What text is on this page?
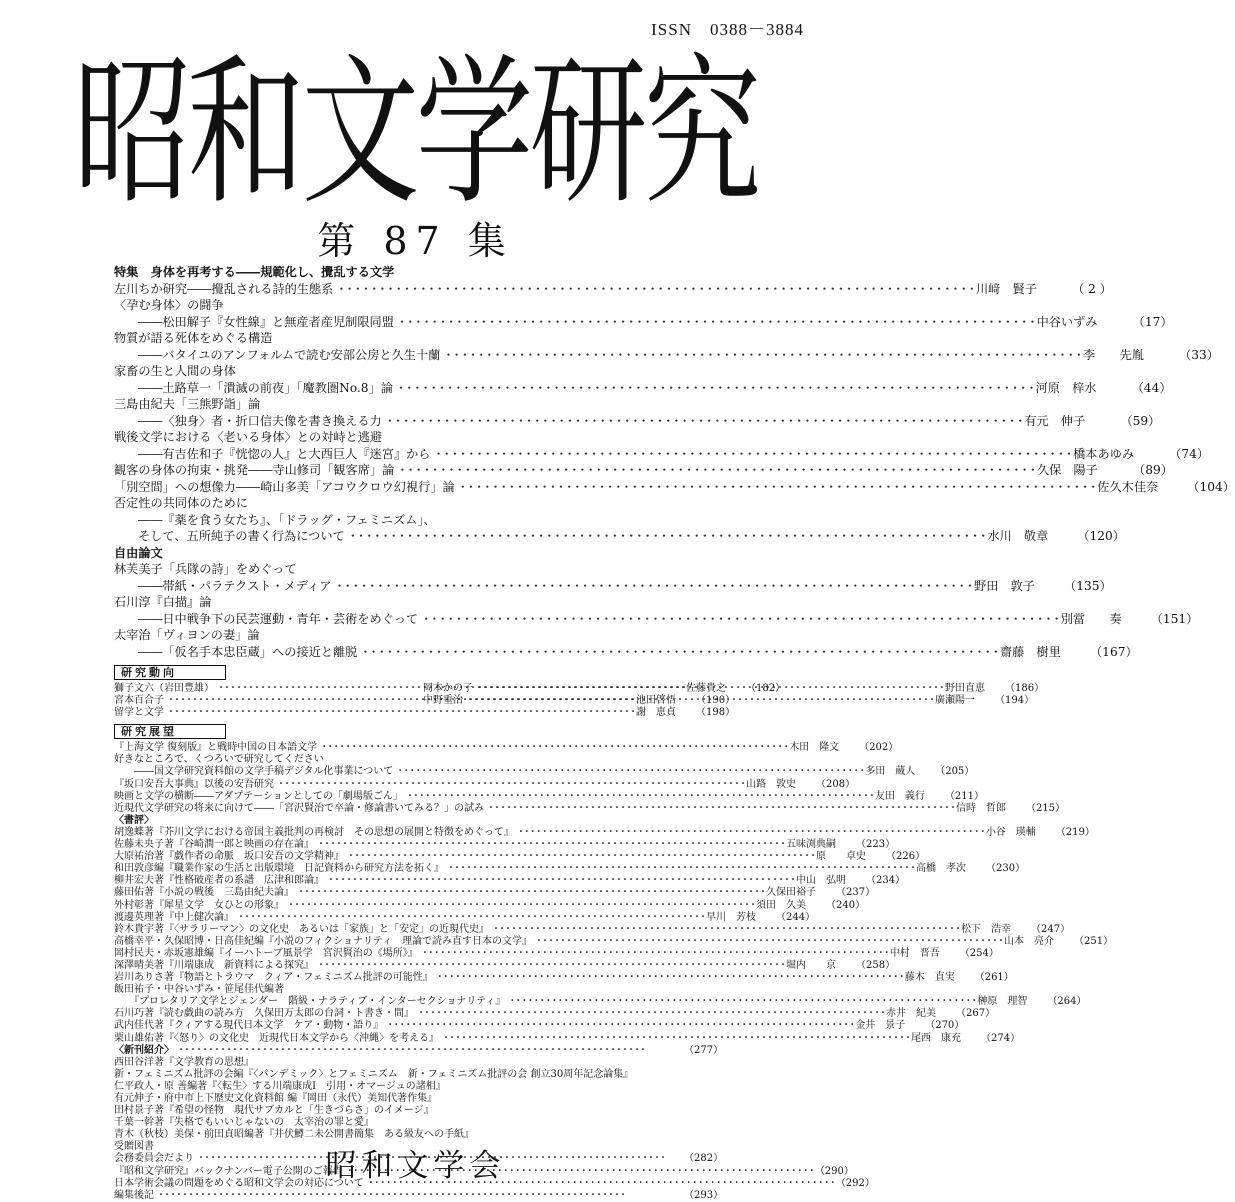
ISSN　0388－3884
昭和文学研究
第 87 集
特集　身体を再考する――規範化し、攪乱する文学
左川ちか研究――攪乱される詩的生態系 ・・・・・・・・・・・・・・・・・・・・・・・・・・・・・・・・・・・・・・・・・・・・・・・・・・・・・・・・・・・・・・・・・・・・・・・・・・・・・・	川﨑　賢子	（ 2 ）
〈孕む身体〉の闘争
――松田解子『女性線』と無産者産児制限同盟 ・・・・・・・・・・・・・・・・・・・・・・・・・・・・・・・・・・・・・・・・・・・・・・・・・・・・・・・・・・・・・・・・・・・・・・・・・・・・・・	中谷いずみ	（17）
物質が語る死体をめぐる構造
――バタイユのアンフォルムで読む安部公房と久生十蘭 ・・・・・・・・・・・・・・・・・・・・・・・・・・・・・・・・・・・・・・・・・・・・・・・・・・・・・・・・・・・・・・・・・・・・・・・・・・・・・・	李　　先胤	（33）
家畜の生と人間の身体
――土路草一「潰滅の前夜」「魔教圏No.8」論 ・・・・・・・・・・・・・・・・・・・・・・・・・・・・・・・・・・・・・・・・・・・・・・・・・・・・・・・・・・・・・・・・・・・・・・・・・・・・・・	河原　梓水	（44）
三島由紀夫「三熊野詣」論
――〈独身〉者・折口信夫像を書き換える力 ・・・・・・・・・・・・・・・・・・・・・・・・・・・・・・・・・・・・・・・・・・・・・・・・・・・・・・・・・・・・・・・・・・・・・・・・・・・・・・	有元　伸子	（59）
戦後文学における〈老いる身体〉との対峙と逃避
――有吉佐和子『恍惚の人』と大西巨人『迷宮』から ・・・・・・・・・・・・・・・・・・・・・・・・・・・・・・・・・・・・・・・・・・・・・・・・・・・・・・・・・・・・・・・・・・・・・・・・・・・・・・	橋本あゆみ	（74）
観客の身体の拘束・挑発――寺山修司「観客席」論 ・・・・・・・・・・・・・・・・・・・・・・・・・・・・・・・・・・・・・・・・・・・・・・・・・・・・・・・・・・・・・・・・・・・・・・・・・・・・・・	久保　陽子	（89）
「別空間」への想像力――崎山多美「アコウクロウ幻視行」論 ・・・・・・・・・・・・・・・・・・・・・・・・・・・・・・・・・・・・・・・・・・・・・・・・・・・・・・・・・・・・・・・・・・・・・・・・・・・・・・	佐久木佳奈	（104）
否定性の共同体のために
――『薬を食う女たち』、「ドラッグ・フェミニズム」、
そして、五所純子の書く行為について ・・・・・・・・・・・・・・・・・・・・・・・・・・・・・・・・・・・・・・・・・・・・・・・・・・・・・・・・・・・・・・・・・・・・・・・・・・・・・・	水川　敬章	（120）
自由論文
林芙美子「兵隊の詩」をめぐって
――帯紙・パラテクスト・メディア ・・・・・・・・・・・・・・・・・・・・・・・・・・・・・・・・・・・・・・・・・・・・・・・・・・・・・・・・・・・・・・・・・・・・・・・・・・・・・・	野田　敦子	（135）
石川淳『白描』論
――日中戦争下の民芸運動・青年・芸術をめぐって ・・・・・・・・・・・・・・・・・・・・・・・・・・・・・・・・・・・・・・・・・・・・・・・・・・・・・・・・・・・・・・・・・・・・・・・・・・・・・・	別當　　奏	（151）
太宰治「ヴィヨンの妻」論
――「仮名手本忠臣蔵」への接近と離脱 ・・・・・・・・・・・・・・・・・・・・・・・・・・・・・・・・・・・・・・・・・・・・・・・・・・・・・・・・・・・・・・・・・・・・・・・・・・・・・・	齋藤　樹里	（167）
研究動向
獅子文六（岩田豊雄） ・・・・・・・・・・・・・・・・・・・・・・・・・・・・・・・・・・・・・・・・・・・・・・・・・・・・・・・・・・・・・・・・・・・・・・・・・・・・・・	佐藤貴之	（182）
宮本百合子 ・・・・・・・・・・・・・・・・・・・・・・・・・・・・・・・・・・・・・・・・・・・・・・・・・・・・・・・・・・・・・・・・・・・・・・・・・・・・・・	池田啓悟	（190）
留学と文学 ・・・・・・・・・・・・・・・・・・・・・・・・・・・・・・・・・・・・・・・・・・・・・・・・・・・・・・・・・・・・・・・・・・・・・・・・・・・・・・	謝　恵貞	（198）
岡本かの子 ・・・・・・・・・・・・・・・・・・・・・・・・・・・・・・・・・・・・・・・・・・・・・・・・・・・・・・・・・・・・・・・・・・・・・・・・・・・・・・	野田直恵	（186）
中野重治 ・・・・・・・・・・・・・・・・・・・・・・・・・・・・・・・・・・・・・・・・・・・・・・・・・・・・・・・・・・・・・・・・・・・・・・・・・・・・・・	廣瀬陽一	（194）
研究展望
『上海文学 復刻版』と戦時中国の日本語文学 ・・・・・・・・・・・・・・・・・・・・・・・・・・・・・・・・・・・・・・・・・・・・・・・・・・・・・・・・・・・・・・・・・・・・・・・・・・・・・・	木田　隆文	（202）
好きなところで、くつろいで研究してください
　　――国文学研究資料館の文学手稿デジタル化事業について ・・・・・・・・・・・・・・・・・・・・・・・・・・・・・・・・・・・・・・・・・・・・・・・・・・・・・・・・・・・・・・・・・・・・・・・・・・・・・・	多田　蔵人	（205）
『坂口安吾大事典』以後の安吾研究 ・・・・・・・・・・・・・・・・・・・・・・・・・・・・・・・・・・・・・・・・・・・・・・・・・・・・・・・・・・・・・・・・・・・・・・・・・・・・・・	山路　敦史	（208）
映画と文学の横断――アダプテーションとしての「劇場版ごん」 ・・・・・・・・・・・・・・・・・・・・・・・・・・・・・・・・・・・・・・・・・・・・・・・・・・・・・・・・・・・・・・・・・・・・・・・・・・・・・・	友田　義行	（211）
近現代文学研究の将来に向けて――「宮沢賢治で卒論・修論書いてみる？」の試み ・・・・・・・・・・・・・・・・・・・・・・・・・・・・・・・・・・・・・・・・・・・・・・・・・・・・・・・・・・・・・・・・・・・・・・・・・・・・・・	信時　哲郎	（215）
〈書評〉
胡逸蝶著『芥川文学における帝国主義批判の再検討　その思想の展開と特徴をめぐって』 ・・・・・・・・・・・・・・・・・・・・・・・・・・・・・・・・・・・・・・・・・・・・・・・・・・・・・・・・・・・・・・・・・・・・・・・・・・・・・・	小谷　瑛輔	（219）
佐藤未央子著『谷崎潤一郎と映画の存在論』 ・・・・・・・・・・・・・・・・・・・・・・・・・・・・・・・・・・・・・・・・・・・・・・・・・・・・・・・・・・・・・・・・・・・・・・・・・・・・・・	五味渕典嗣	（223）
大原祐治著『戯作者の命脈　坂口安吾の文学精神』 ・・・・・・・・・・・・・・・・・・・・・・・・・・・・・・・・・・・・・・・・・・・・・・・・・・・・・・・・・・・・・・・・・・・・・・・・・・・・・・	原　　卓史	（226）
和田敦彦編『職業作家の生活と出版環境　日記資料から研究方法を拓く』 ・・・・・・・・・・・・・・・・・・・・・・・・・・・・・・・・・・・・・・・・・・・・・・・・・・・・・・・・・・・・・・・・・・・・・・・・・・・・・・	高橋　孝次	（230）
柳井宏夫著『性格破産者の系譜　広津和郎論』 ・・・・・・・・・・・・・・・・・・・・・・・・・・・・・・・・・・・・・・・・・・・・・・・・・・・・・・・・・・・・・・・・・・・・・・・・・・・・・・	中山　弘明	（234）
藤田佑著『小説の戦後　三島由紀夫論』 ・・・・・・・・・・・・・・・・・・・・・・・・・・・・・・・・・・・・・・・・・・・・・・・・・・・・・・・・・・・・・・・・・・・・・・・・・・・・・・	久保田裕子	（237）
外村彰著『犀星文学　女ひとの形象』 ・・・・・・・・・・・・・・・・・・・・・・・・・・・・・・・・・・・・・・・・・・・・・・・・・・・・・・・・・・・・・・・・・・・・・・・・・・・・・・	須田　久美	（240）
渡邊英理著『中上健次論』 ・・・・・・・・・・・・・・・・・・・・・・・・・・・・・・・・・・・・・・・・・・・・・・・・・・・・・・・・・・・・・・・・・・・・・・・・・・・・・・	早川　芳枝	（244）
鈴木貴宇著『〈サラリーマン〉の文化史　あるいは「家族」と「安定」の近現代史』 ・・・・・・・・・・・・・・・・・・・・・・・・・・・・・・・・・・・・・・・・・・・・・・・・・・・・・・・・・・・・・・・・・・・・・・・・・・・・・・	松下　浩幸	（247）
高橋幸平・久保昭博・日高佳紀編『小説のフィクショナリティ　理論で読み直す日本の文学』 ・・・・・・・・・・・・・・・・・・・・・・・・・・・・・・・・・・・・・・・・・・・・・・・・・・・・・・・・・・・・・・・・・・・・・・・・・・・・・・	山本　亮介	（251）
岡村民夫・赤坂憲雄編『イーハトーブ風景学　宮沢賢治の《場所》』 ・・・・・・・・・・・・・・・・・・・・・・・・・・・・・・・・・・・・・・・・・・・・・・・・・・・・・・・・・・・・・・・・・・・・・・・・・・・・・・	中村　晋吾	（254）
深澤晴美著『川端康成　新資料による探究』 ・・・・・・・・・・・・・・・・・・・・・・・・・・・・・・・・・・・・・・・・・・・・・・・・・・・・・・・・・・・・・・・・・・・・・・・・・・・・・・	堀内　　京	（258）
岩川ありさ著『物語とトラウマ　クィア・フェミニズム批評の可能性』 ・・・・・・・・・・・・・・・・・・・・・・・・・・・・・・・・・・・・・・・・・・・・・・・・・・・・・・・・・・・・・・・・・・・・・・・・・・・・・・	藤木　直実	（261）
飯田祐子・中谷いずみ・笹尾佳代編著
　　『プロレタリア文学とジェンダー　階級・ナラティブ・インターセクショナリティ』 ・・・・・・・・・・・・・・・・・・・・・・・・・・・・・・・・・・・・・・・・・・・・・・・・・・・・・・・・・・・・・・・・・・・・・・・・・・・・・・	榊原　理智	（264）
石川巧著『読む戯曲の読み方　久保田万太郎の台詞・ト書き・間』 ・・・・・・・・・・・・・・・・・・・・・・・・・・・・・・・・・・・・・・・・・・・・・・・・・・・・・・・・・・・・・・・・・・・・・・・・・・・・・・	赤井　紀美	（267）
武内佳代著『クィアする現代日本文学　ケア・動物・語り』 ・・・・・・・・・・・・・・・・・・・・・・・・・・・・・・・・・・・・・・・・・・・・・・・・・・・・・・・・・・・・・・・・・・・・・・・・・・・・・・	金井　景子	（270）
栗山雄佑著『〈怒り〉の文化史　近現代日本文学から〈沖縄〉を考える』 ・・・・・・・・・・・・・・・・・・・・・・・・・・・・・・・・・・・・・・・・・・・・・・・・・・・・・・・・・・・・・・・・・・・・・・・・・・・・・・	尾西　康充	（274）
〈新刊紹介〉 ・・・・・・・・・・・・・・・・・・・・・・・・・・・・・・・・・・・・・・・・・・・・・・・・・・・・・・・・・・・・・・・・・・・・・・・・・・・・・・	（277）
西田谷洋著『文学教育の思想』
新・フェミニズム批評の会編『〈パンデミック〉とフェミニズム　新・フェミニズム批評の会 創立30周年記念論集』
仁平政人・原 善編著『〈転生〉する川端康成Ⅰ　引用・オマージュの諸相』
有元伸子・府中市上下歴史文化資料館 編『岡田（永代）美知代著作集』
田村景子著『希望の怪物　現代サブカルと「生きづらさ」のイメージ』
千葉一幹著『失格でもいいじゃないの　太宰治の罪と愛』
青木（秋枝）美保・前田貞昭編著『井伏鱒二未公開書簡集　ある級友への手紙』
受贈図書
会務委員会だより ・・・・・・・・・・・・・・・・・・・・・・・・・・・・・・・・・・・・・・・・・・・・・・・・・・・・・・・・・・・・・・・・・・・・・・・・・・・・・・	（282）
『昭和文学研究』バックナンバー電子公開のご報告 ・・・・・・・・・・・・・・・・・・・・・・・・・・・・・・・・・・・・・・・・・・・・・・・・・・・・・・・・・・・・・・・・・・・・・・・・・・・・・・	（290）
日本学術会議の問題をめぐる昭和文学会の対応について ・・・・・・・・・・・・・・・・・・・・・・・・・・・・・・・・・・・・・・・・・・・・・・・・・・・・・・・・・・・・・・・・・・・・・・・・・・・・・・	（292）
編集後記 ・・・・・・・・・・・・・・・・・・・・・・・・・・・・・・・・・・・・・・・・・・・・・・・・・・・・・・・・・・・・・・・・・・・・・・・・・・・・・・	（293）
昭和文学会
